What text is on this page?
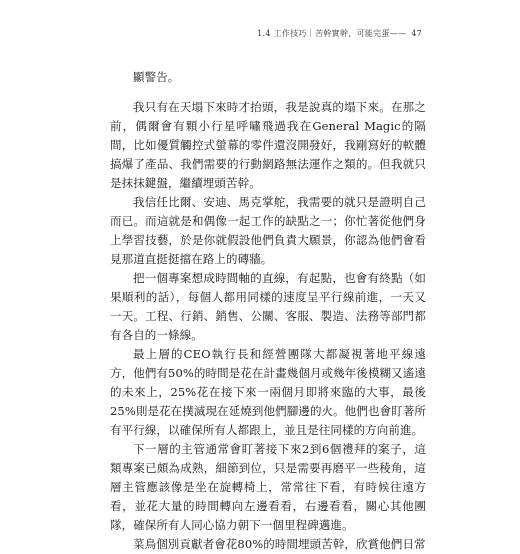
1.4 工作技巧｜苦幹實幹，可能完蛋—— 47

顯警告。

我只有在天塌下來時才抬頭，我是說真的塌下來。在那之前，偶爾會有顆小行星呼嘯飛過我在General Magic的隔間，比如優質觸控式螢幕的零件還沒開發好，我剛寫好的軟體搞爆了產品、我們需要的行動網路無法運作之類的。但我就只是抹抹鍵盤，繼續埋頭苦幹。

我信任比爾、安迪、馬克掌舵，我需要的就只是證明自己而已。而這就是和偶像一起工作的缺點之一；你忙著從他們身上學習技藝，於是你就假設他們負責大願景，你認為他們會看見那道直挺挺擋在路上的磚牆。

把一個專案想成時間軸的直線，有起點，也會有終點（如果順利的話），每個人都用同樣的速度呈平行線前進，一天又一天。工程、行銷、銷售、公關、客服、製造、法務等部門都有各自的一條線。

最上層的CEO執行長和經營團隊大都凝視著地平線遠方，他們有50%的時間是花在計畫幾個月或幾年後模糊又遙遠的未來上，25%花在接下來一兩個月即將來臨的大事，最後25%則是花在撲滅現在延燒到他們腳邊的火。他們也會盯著所有平行線，以確保所有人都跟上，並且是往同樣的方向前進。

下一層的主管通常會盯著接下來2到6個禮拜的案子，這類專案已頗為成熟，細節到位，只是需要再磨平一些稜角，這層主管應該像是坐在旋轉椅上，常常往下看，有時候往遠方看，並花大量的時間轉向左邊看看，右邊看看，關心其他團隊，確保所有人同心協力朝下一個里程碑邁進。

菜鳥個別貢獻者會花80%的時間埋頭苦幹，欣賞他們日常
